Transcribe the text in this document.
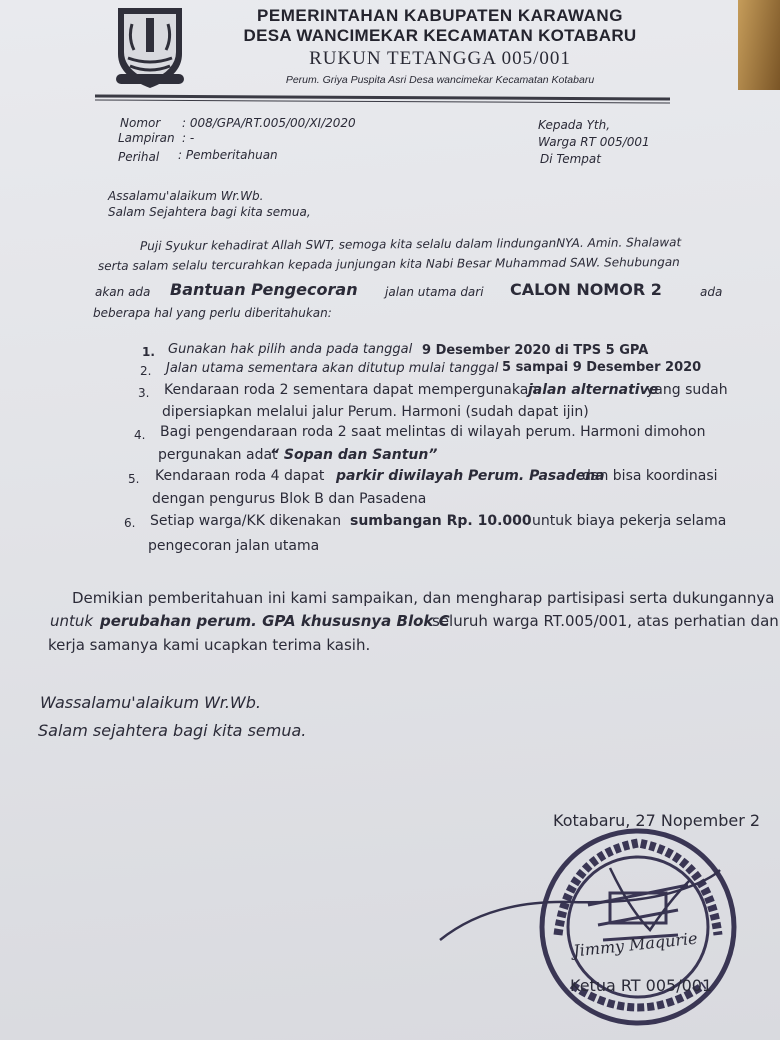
PEMERINTAHAN KABUPATEN KARAWANG
DESA WANCIMEKAR KECAMATAN KOTABARU
RUKUN TETANGGA 005/001
Perum. Griya Puspita Asri Desa wancimekar Kecamatan Kotabaru
Nomor : 008/GPA/RT.005/00/XI/2020
Lampiran : -
Perihal : Pemberitahuan
Kepada Yth,
Warga RT 005/001
Di Tempat
Assalamu'alaikum Wr.Wb.
Salam Sejahtera bagi kita semua,
Puji Syukur kehadirat Allah SWT, semoga kita selalu dalam lindunganNYA. Amin. Shalawat
serta salam selalu tercurahkan kepada junjungan kita Nabi Besar Muhammad SAW. Sehubungan
akan ada Bantuan Pengecoran jalan utama dari CALON NOMOR 2	ada
beberapa hal yang perlu diberitahukan:
1. Gunakan hak pilih anda pada tanggal 9 Desember 2020 di TPS 5 GPA
2. Jalan utama sementara akan ditutup mulai tanggal 5 sampai 9 Desember 2020
3. Kendaraan roda 2 sementara dapat mempergunakan
jalan alternative
yang sudah
dipersiapkan melalui jalur Perum. Harmoni (sudah dapat ijin)
4. Bagi pengendaraan roda 2 saat melintas di wilayah perum. Harmoni dimohon
pergunakan adat
“ Sopan dan Santun”
5. Kendaraan roda 4 dapat parkir diwilayah Perum. Pasadena
dan bisa koordinasi
dengan pengurus Blok B dan Pasadena
6. Setiap warga/KK dikenakan sumbangan Rp. 10.000 untuk biaya pekerja selama
pengecoran jalan utama
Demikian pemberitahuan ini kami sampaikan, dan mengharap partisipasi serta dukungannya
untuk perubahan perum. GPA khususnya Blok C
seluruh warga RT.005/001, atas perhatian dan
kerja samanya kami ucapkan terima kasih.
Wassalamu'alaikum Wr.Wb.
Salam sejahtera bagi kita semua.
Kotabaru, 27 Nopember 2
Jimmy Maqurie
Ketua RT 005/001
